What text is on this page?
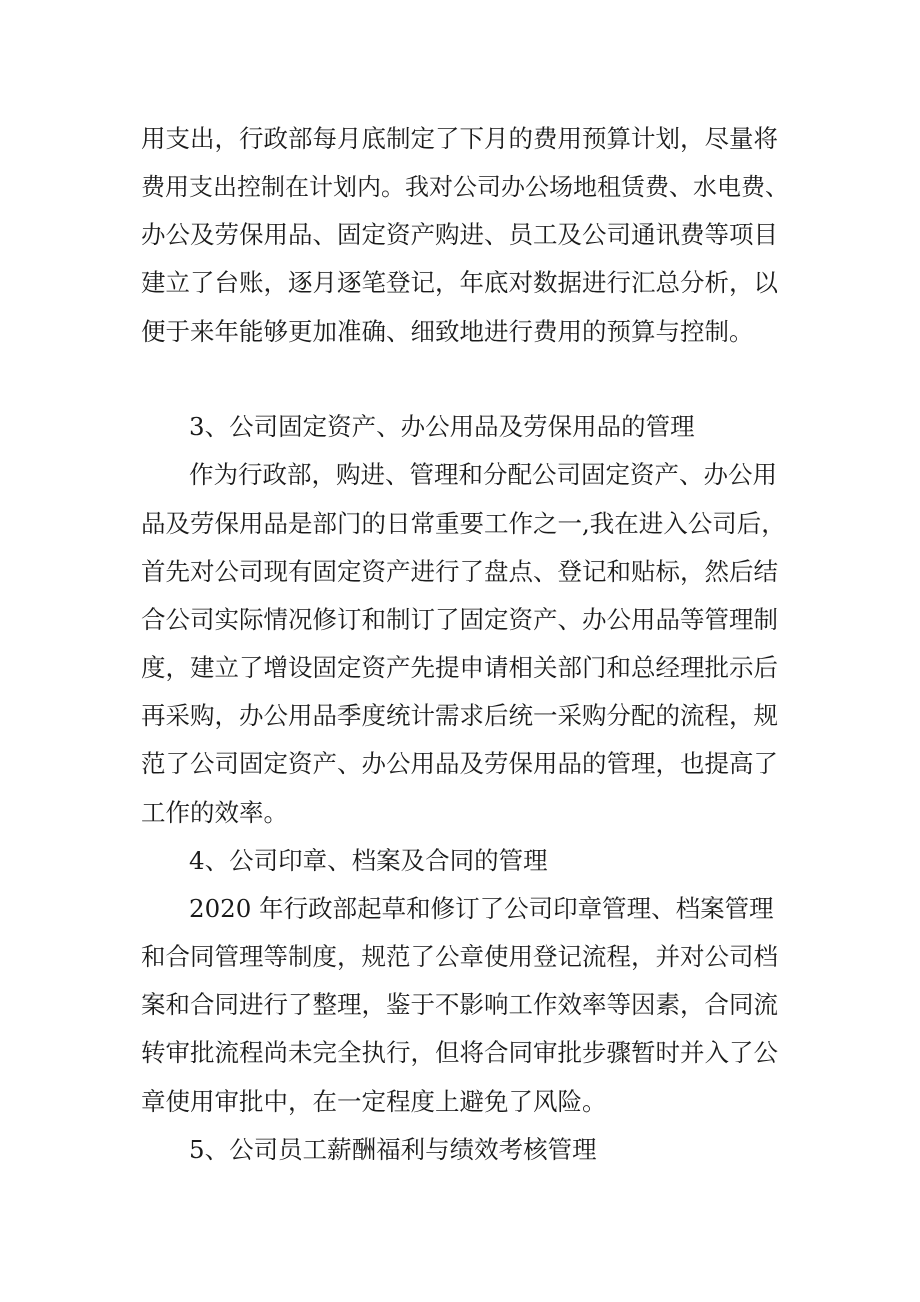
用支出，行政部每月底制定了下月的费用预算计划，尽量将

费用支出控制在计划内。我对公司办公场地租赁费、水电费、

办公及劳保用品、固定资产购进、员工及公司通讯费等项目

建立了台账，逐月逐笔登记，年底对数据进行汇总分析，以

便于来年能够更加准确、细致地进行费用的预算与控制。

3、公司固定资产、办公用品及劳保用品的管理

作为行政部，购进、管理和分配公司固定资产、办公用

品及劳保用品是部门的日常重要工作之一,我在进入公司后，

首先对公司现有固定资产进行了盘点、登记和贴标，然后结

合公司实际情况修订和制订了固定资产、办公用品等管理制

度，建立了增设固定资产先提申请相关部门和总经理批示后

再采购，办公用品季度统计需求后统一采购分配的流程，规

范了公司固定资产、办公用品及劳保用品的管理，也提高了

工作的效率。

4、公司印章、档案及合同的管理

2020 年行政部起草和修订了公司印章管理、档案管理

和合同管理等制度，规范了公章使用登记流程，并对公司档

案和合同进行了整理，鉴于不影响工作效率等因素，合同流

转审批流程尚未完全执行，但将合同审批步骤暂时并入了公

章使用审批中，在一定程度上避免了风险。

5、公司员工薪酬福利与绩效考核管理
